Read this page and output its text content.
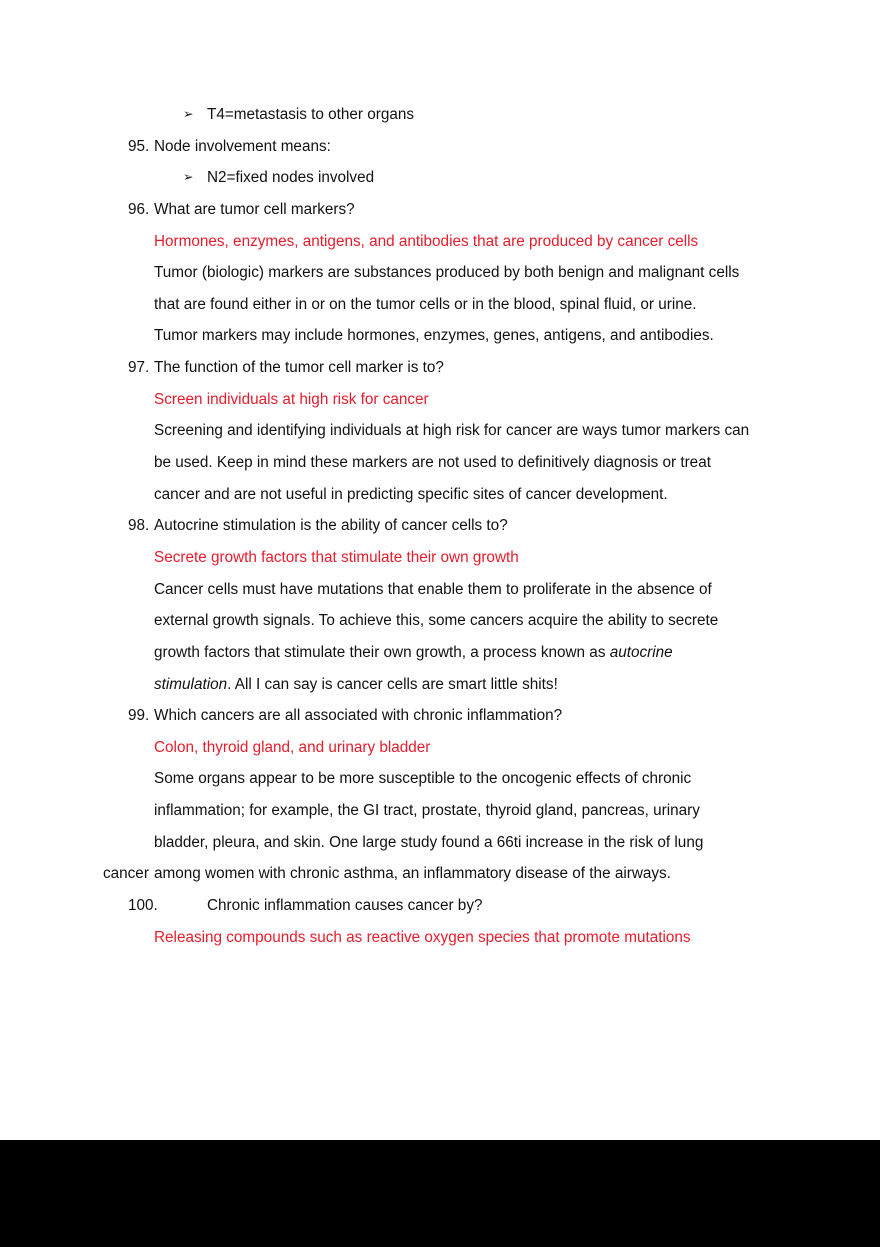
➢ T4=metastasis to other organs
95. Node involvement means:
➢ N2=fixed nodes involved
96. What are tumor cell markers?
Hormones, enzymes, antigens, and antibodies that are produced by cancer cells
Tumor (biologic) markers are substances produced by both benign and malignant cells
that are found either in or on the tumor cells or in the blood, spinal fluid, or urine.
Tumor markers may include hormones, enzymes, genes, antigens, and antibodies.
97. The function of the tumor cell marker is to?
Screen individuals at high risk for cancer
Screening and identifying individuals at high risk for cancer are ways tumor markers can
be used. Keep in mind these markers are not used to definitively diagnosis or treat
cancer and are not useful in predicting specific sites of cancer development.
98. Autocrine stimulation is the ability of cancer cells to?
Secrete growth factors that stimulate their own growth
Cancer cells must have mutations that enable them to proliferate in the absence of
external growth signals. To achieve this, some cancers acquire the ability to secrete
growth factors that stimulate their own growth, a process known as autocrine
stimulation. All I can say is cancer cells are smart little shits!
99. Which cancers are all associated with chronic inflammation?
Colon, thyroid gland, and urinary bladder
Some organs appear to be more susceptible to the oncogenic effects of chronic
inflammation; for example, the GI tract, prostate, thyroid gland, pancreas, urinary
bladder, pleura, and skin. One large study found a 66ti increase in the risk of lung
cancer among women with chronic asthma, an inflammatory disease of the airways.
100.	Chronic inflammation causes cancer by?
Releasing compounds such as reactive oxygen species that promote mutations
